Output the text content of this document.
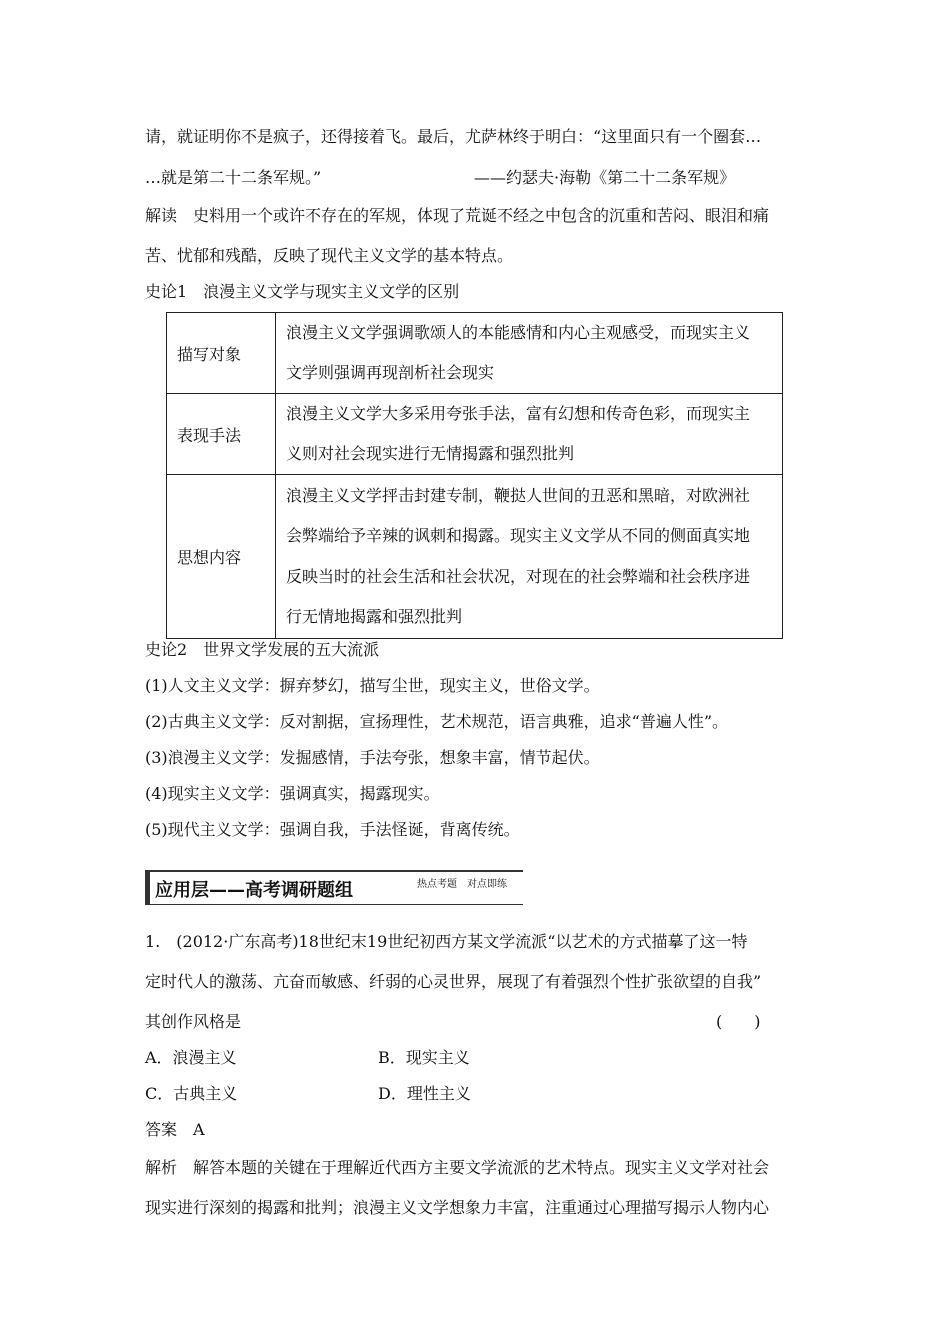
请，就证明你不是疯子，还得接着飞。最后，尤萨林终于明白：“这里面只有一个圈套…
…就是第二十二条军规。”	——约瑟夫·海勒《第二十二条军规》
解读  史料用一个或许不存在的军规，体现了荒诞不经之中包含的沉重和苦闷、眼泪和痛
苦、忧郁和残酷，反映了现代主义文学的基本特点。
史论1　浪漫主义文学与现实主义文学的区别
描写对象	浪漫主义文学强调歌颂人的本能感情和内心主观感受，而现实主义
文学则强调再现剖析社会现实

表现手法	浪漫主义文学大多采用夸张手法，富有幻想和传奇色彩，而现实主
义则对社会现实进行无情揭露和强烈批判

思想内容	浪漫主义文学抨击封建专制，鞭挞人世间的丑恶和黑暗，对欧洲社
会弊端给予辛辣的讽刺和揭露。现实主义文学从不同的侧面真实地
反映当时的社会生活和社会状况，对现在的社会弊端和社会秩序进
行无情地揭露和强烈批判
史论2　世界文学发展的五大流派
(1)人文主义文学：摒弃梦幻，描写尘世，现实主义，世俗文学。
(2)古典主义文学：反对割据，宣扬理性，艺术规范，语言典雅，追求“普遍人性”。
(3)浪漫主义文学：发掘感情，手法夸张，想象丰富，情节起伏。
(4)现实主义文学：强调真实，揭露现实。
(5)现代主义文学：强调自我，手法怪诞，背离传统。
应用层——高考调研题组	热点考题　对点即练
1.　(2012·广东高考)18世纪末19世纪初西方某文学流派“以艺术的方式描摹了这一特
定时代人的激荡、亢奋而敏感、纤弱的心灵世界，展现了有着强烈个性扩张欲望的自我”
其创作风格是	(　　)
A．浪漫主义	B．现实主义
C．古典主义	D．理性主义
答案　A
解析  解答本题的关键在于理解近代西方主要文学流派的艺术特点。现实主义文学对社会
现实进行深刻的揭露和批判；浪漫主义文学想象力丰富，注重通过心理描写揭示人物内心
